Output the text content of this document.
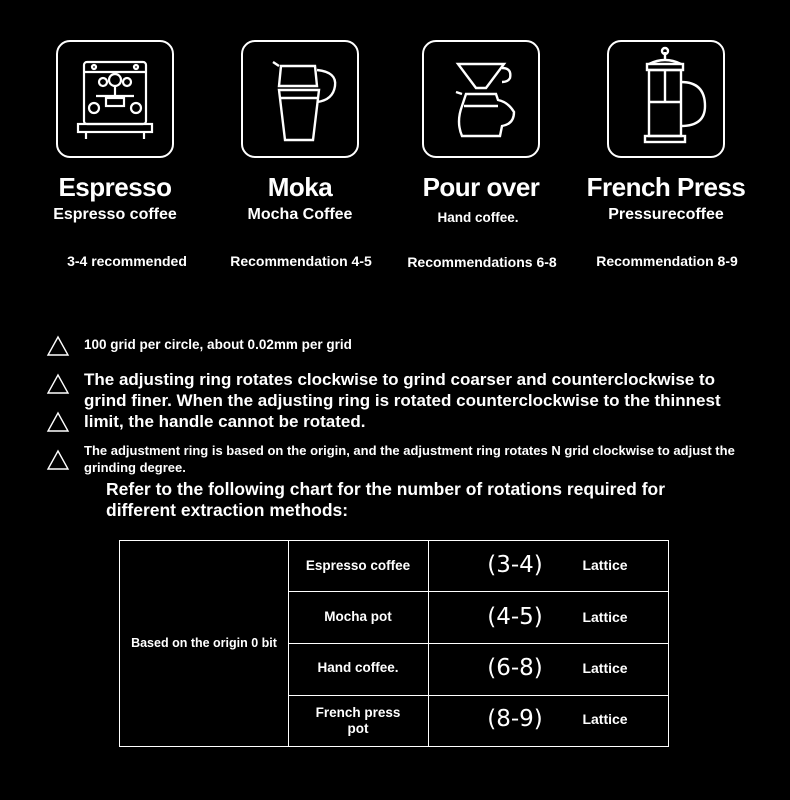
Espresso	Moka	Pour over	French Press
Espresso coffee	Mocha Coffee	Hand coffee.	Pressurecoffee
3-4 recommended	Recommendation 4-5	Recommendations 6-8	Recommendation 8-9
100 grid per circle, about 0.02mm per grid
The adjusting ring rotates clockwise to grind coarser and counterclockwise to grind finer. When the adjusting ring is rotated counterclockwise to the thinnest limit, the handle cannot be rotated.
The adjustment ring is based on the origin, and the adjustment ring rotates N grid clockwise to adjust the grinding degree.
Refer to the following chart for the number of rotations required for different extraction methods:
Based on the origin 0 bit
Espresso coffee	(3-4)	Lattice
Mocha pot	(4-5)	Lattice
Hand coffee.	(6-8)	Lattice
French press pot	(8-9)	Lattice
